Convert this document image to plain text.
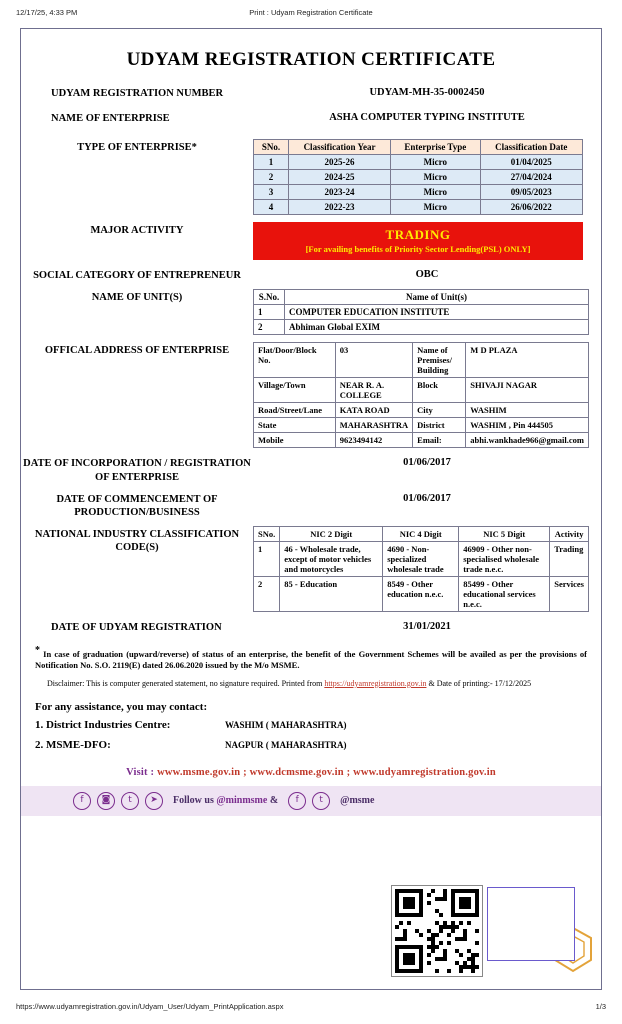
12/17/25, 4:33 PM	Print : Udyam Registration Certificate
UDYAM REGISTRATION CERTIFICATE
UDYAM REGISTRATION NUMBER	UDYAM-MH-35-0002450
NAME OF ENTERPRISE	ASHA COMPUTER TYPING INSTITUTE
TYPE OF ENTERPRISE*	SNo.	Classification Year	Enterprise Type	Classification Date
1	2025-26	Micro	01/04/2025
2	2024-25	Micro	27/04/2024
3	2023-24	Micro	09/05/2023
4	2022-23	Micro	26/06/2022
MAJOR ACTIVITY	TRADING
[For availing benefits of Priority Sector Lending(PSL) ONLY]
SOCIAL CATEGORY OF ENTREPRENEUR	OBC
NAME OF UNIT(S)	S.No.	Name of Unit(s)
1	COMPUTER EDUCATION INSTITUTE
2	Abhiman Global EXIM
OFFICAL ADDRESS OF ENTERPRISE	Flat/Door/Block No.	03	Name of Premises/ Building	M D PLAZA
Village/Town	NEAR R. A. COLLEGE	Block	SHIVAJI NAGAR
Road/Street/Lane	KATA ROAD	City	WASHIM
State	MAHARASHTRA	District	WASHIM , Pin 444505
Mobile	9623494142	Email:	abhi.wankhade966@gmail.com
DATE OF INCORPORATION / REGISTRATION OF ENTERPRISE
01/06/2017
DATE OF COMMENCEMENT OF PRODUCTION/BUSINESS
01/06/2017
NATIONAL INDUSTRY CLASSIFICATION CODE(S)
SNo.	NIC 2 Digit	NIC 4 Digit	NIC 5 Digit	Activity
1	46 - Wholesale trade, except of motor vehicles and motorcycles	4690 - Non-specialized wholesale trade	46909 - Other non-specialised wholesale trade n.e.c.	Trading
2	85 - Education	8549 - Other education n.e.c.	85499 - Other educational services n.e.c.	Services
DATE OF UDYAM REGISTRATION	31/01/2021
* In case of graduation (upward/reverse) of status of an enterprise, the benefit of the Government Schemes will be availed as per the provisions of Notification No. S.O. 2119(E) dated 26.06.2020 issued by the M/o MSME.
Disclaimer: This is computer generated statement, no signature required. Printed from https://udyamregistration.gov.in & Date of printing:- 17/12/2025
For any assistance, you may contact:
1. District Industries Centre:	WASHIM ( MAHARASHTRA)
2. MSME-DFO:	NAGPUR ( MAHARASHTRA)
Visit : www.msme.gov.in ; www.dcmsme.gov.in ; www.udyamregistration.gov.in
f	◙	t	➤	Follow us @minmsme &	f	t	@msme
https://www.udyamregistration.gov.in/Udyam_User/Udyam_PrintApplication.aspx	1/3
